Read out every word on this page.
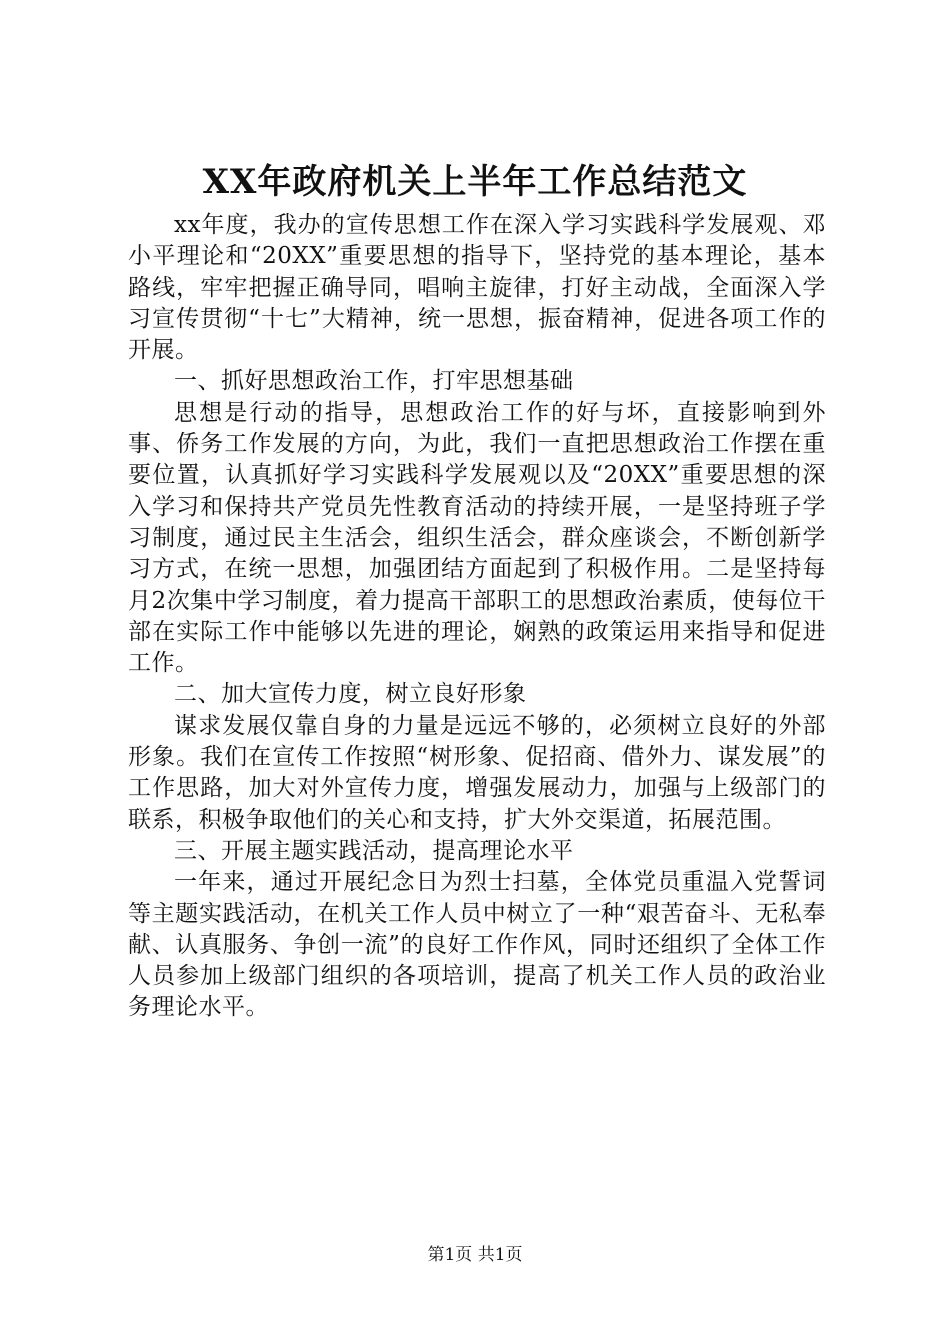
XX年政府机关上半年工作总结范文

xx年度，我办的宣传思想工作在深入学习实践科学发展观、邓小平理论和“20XX”重要思想的指导下，坚持党的基本理论，基本路线，牢牢把握正确导同，唱响主旋律，打好主动战，全面深入学习宣传贯彻“十七”大精神，统一思想，振奋精神，促进各项工作的开展。

一、抓好思想政治工作，打牢思想基础

思想是行动的指导，思想政治工作的好与坏，直接影响到外事、侨务工作发展的方向，为此，我们一直把思想政治工作摆在重要位置，认真抓好学习实践科学发展观以及“20XX”重要思想的深入学习和保持共产党员先性教育活动的持续开展，一是坚持班子学习制度，通过民主生活会，组织生活会，群众座谈会，不断创新学习方式，在统一思想，加强团结方面起到了积极作用。二是坚持每月2次集中学习制度，着力提高干部职工的思想政治素质，使每位干部在实际工作中能够以先进的理论，娴熟的政策运用来指导和促进工作。

二、加大宣传力度，树立良好形象

谋求发展仅靠自身的力量是远远不够的，必须树立良好的外部形象。我们在宣传工作按照“树形象、促招商、借外力、谋发展”的工作思路，加大对外宣传力度，增强发展动力，加强与上级部门的联系，积极争取他们的关心和支持，扩大外交渠道，拓展范围。

三、开展主题实践活动，提高理论水平

一年来，通过开展纪念日为烈士扫墓，全体党员重温入党誓词等主题实践活动，在机关工作人员中树立了一种“艰苦奋斗、无私奉献、认真服务、争创一流”的良好工作作风，同时还组织了全体工作人员参加上级部门组织的各项培训，提高了机关工作人员的政治业务理论水平。

第1页 共1页
